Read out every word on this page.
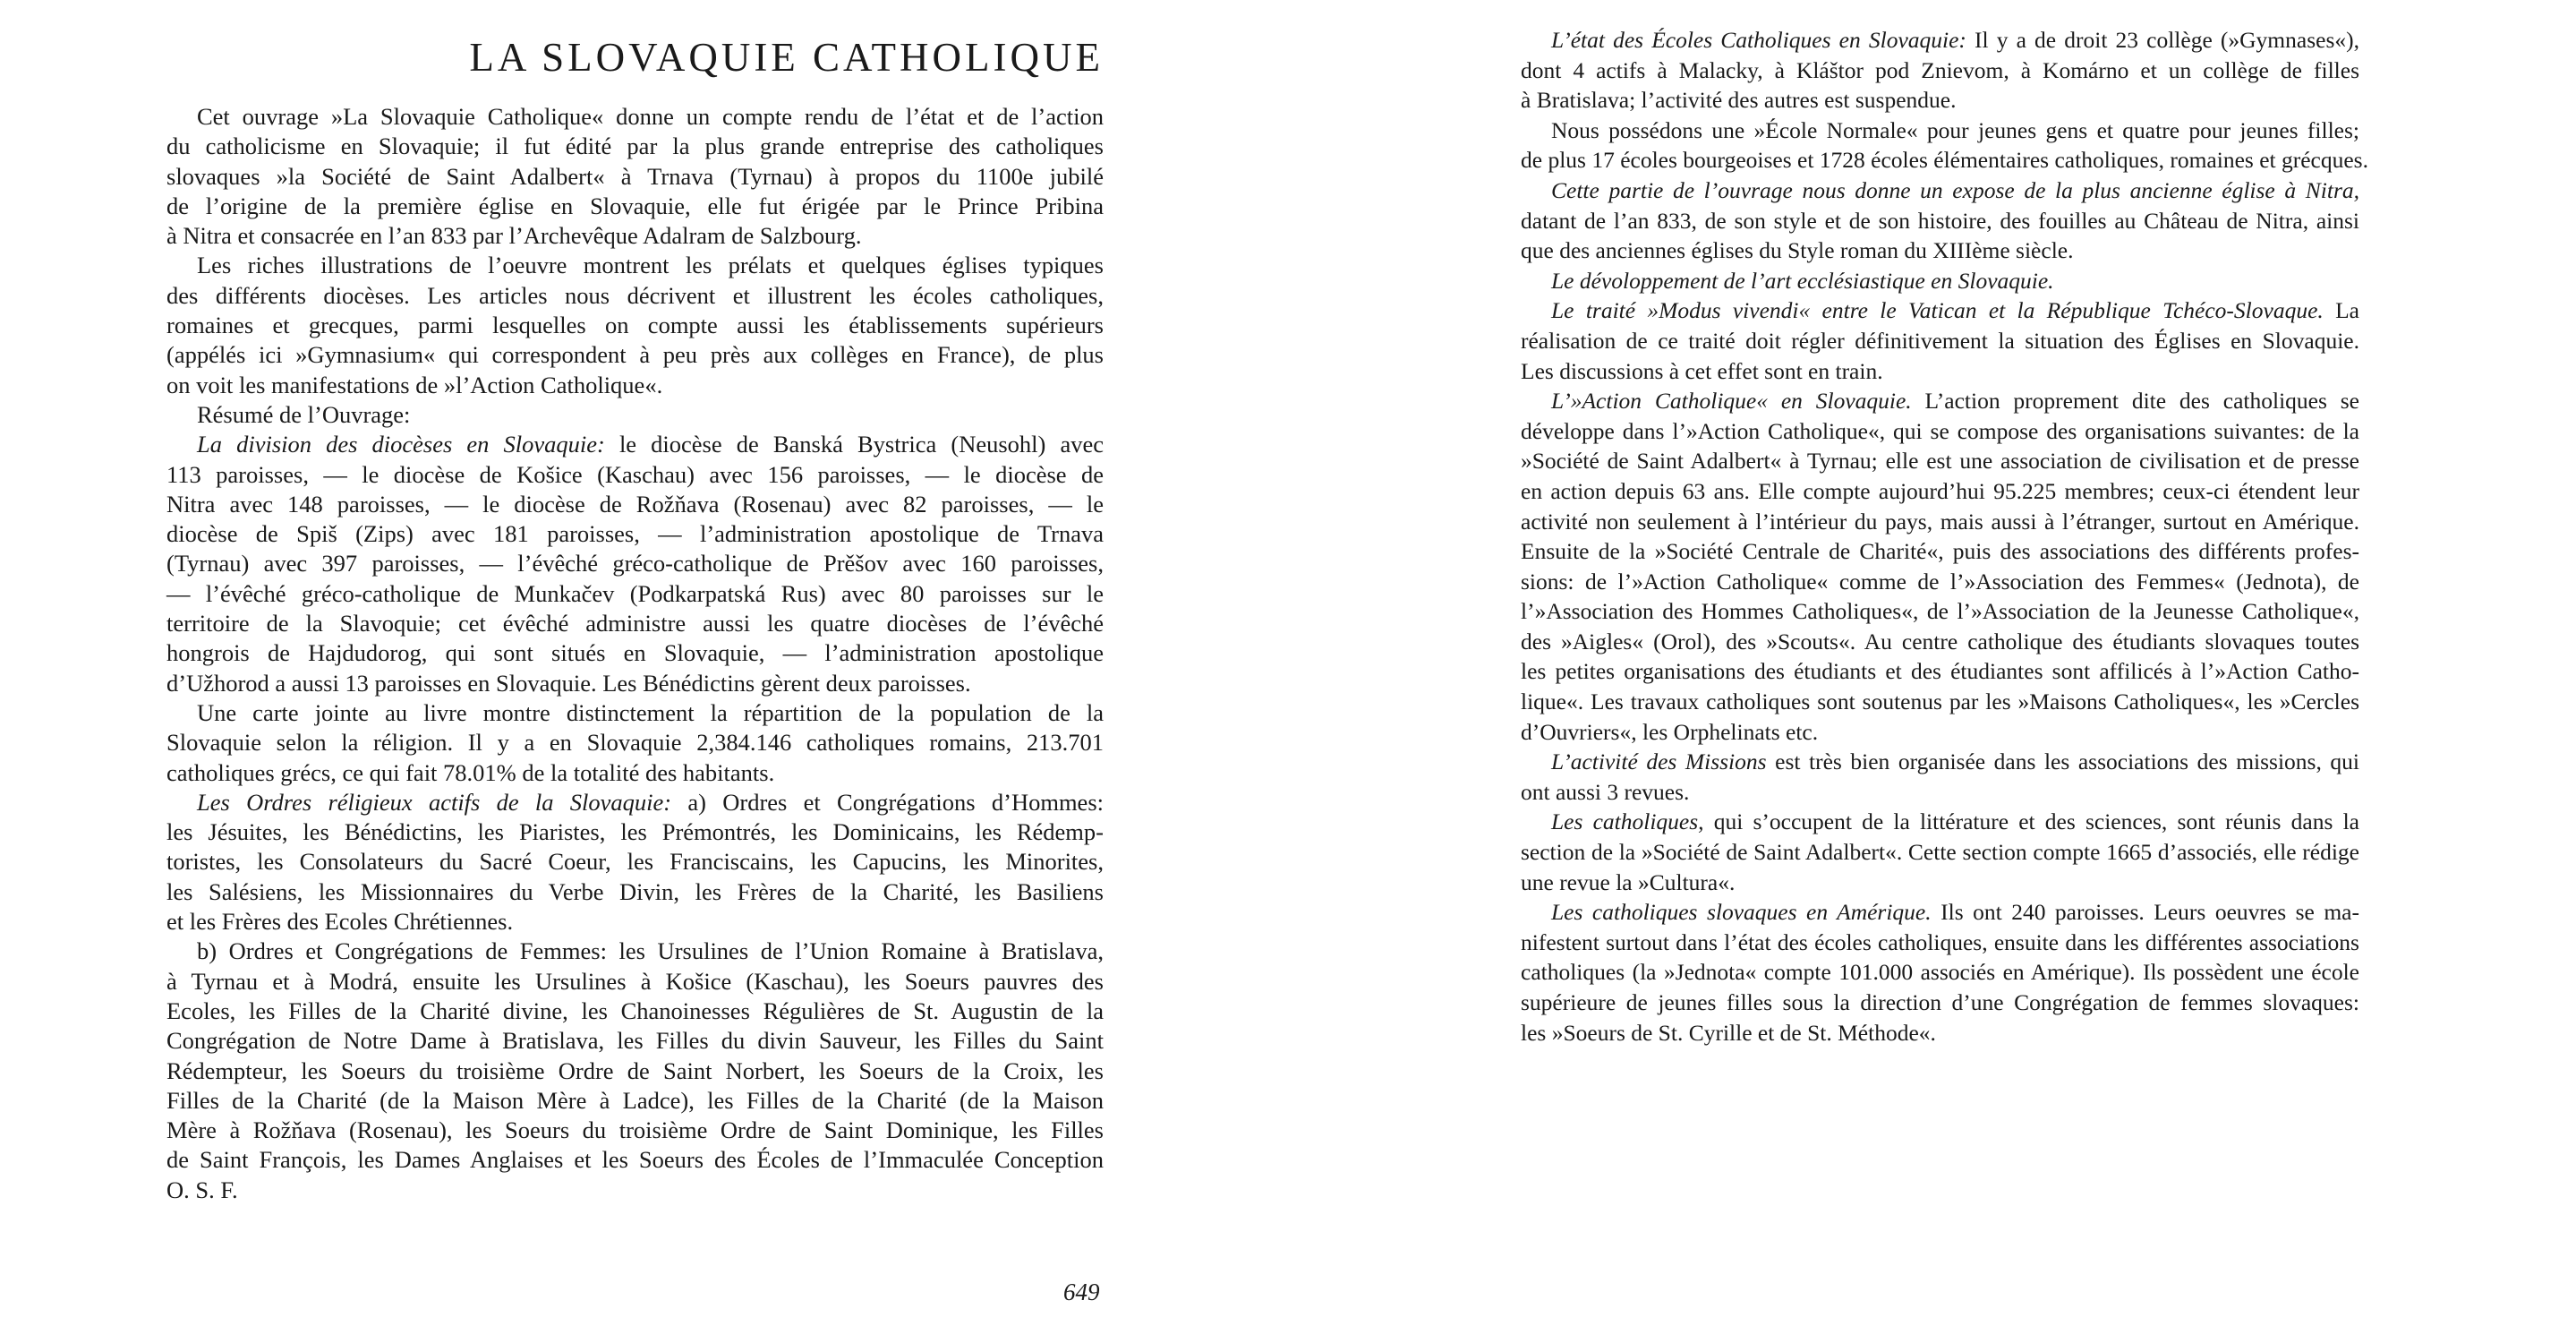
LA SLOVAQUIE CATHOLIQUE
Cet ouvrage »La Slovaquie Catholique« donne un compte rendu de l’état et de l’action
du catholicisme en Slovaquie; il fut édité par la plus grande entreprise des catholiques
slovaques »la Société de Saint Adalbert« à Trnava (Tyrnau) à propos du 1100e jubilé
de l’origine de la première église en Slovaquie, elle fut érigée par le Prince Pribina
à Nitra et consacrée en l’an 833 par l’Archevêque Adalram de Salzbourg.
Les riches illustrations de l’oeuvre montrent les prélats et quelques églises typiques
des différents diocèses. Les articles nous décrivent et illustrent les écoles catholiques,
romaines et grecques, parmi lesquelles on compte aussi les établissements supérieurs
(appélés ici »Gymnasium« qui correspondent à peu près aux collèges en France), de plus
on voit les manifestations de »l’Action Catholique«.
Résumé de l’Ouvrage:
La division des diocèses en Slovaquie: le diocèse de Banská Bystrica (Neusohl) avec
113 paroisses, — le diocèse de Košice (Kaschau) avec 156 paroisses, — le diocèse de
Nitra avec 148 paroisses, — le diocèse de Rožňava (Rosenau) avec 82 paroisses, — le
diocèse de Spiš (Zips) avec 181 paroisses, — l’administration apostolique de Trnava
(Tyrnau) avec 397 paroisses, — l’évêché gréco-catholique de Prěšov avec 160 paroisses,
— l’évêché gréco-catholique de Munkačev (Podkarpatská Rus) avec 80 paroisses sur le
territoire de la Slavoquie; cet évêché administre aussi les quatre diocèses de l’évêché
hongrois de Hajdudorog, qui sont situés en Slovaquie, — l’administration apostolique
d’Užhorod a aussi 13 paroisses en Slovaquie. Les Bénédictins gèrent deux paroisses.
Une carte jointe au livre montre distinctement la répartition de la population de la
Slovaquie selon la réligion. Il y a en Slovaquie 2,384.146 catholiques romains, 213.701
catholiques grécs, ce qui fait 78.01% de la totalité des habitants.
Les Ordres réligieux actifs de la Slovaquie: a) Ordres et Congrégations d’Hommes:
les Jésuites, les Bénédictins, les Piaristes, les Prémontrés, les Dominicains, les Rédemp-
toristes, les Consolateurs du Sacré Coeur, les Franciscains, les Capucins, les Minorites,
les Salésiens, les Missionnaires du Verbe Divin, les Frères de la Charité, les Basiliens
et les Frères des Ecoles Chrétiennes.
b) Ordres et Congrégations de Femmes: les Ursulines de l’Union Romaine à Bratislava,
à Tyrnau et à Modrá, ensuite les Ursulines à Košice (Kaschau), les Soeurs pauvres des
Ecoles, les Filles de la Charité divine, les Chanoinesses Régulières de St. Augustin de la
Congrégation de Notre Dame à Bratislava, les Filles du divin Sauveur, les Filles du Saint
Rédempteur, les Soeurs du troisième Ordre de Saint Norbert, les Soeurs de la Croix, les
Filles de la Charité (de la Maison Mère à Ladce), les Filles de la Charité (de la Maison
Mère à Rožňava (Rosenau), les Soeurs du troisième Ordre de Saint Dominique, les Filles
de Saint François, les Dames Anglaises et les Soeurs des Écoles de l’Immaculée Conception
O. S. F.
649
L’état des Écoles Catholiques en Slovaquie: Il y a de droit 23 collège (»Gymnases«),
dont 4 actifs à Malacky, à Kláštor pod Znievom, à Komárno et un collège de filles
à Bratislava; l’activité des autres est suspendue.
Nous possédons une »École Normale« pour jeunes gens et quatre pour jeunes filles;
de plus 17 écoles bourgeoises et 1728 écoles élémentaires catholiques, romaines et grécques.
Cette partie de l’ouvrage nous donne un expose de la plus ancienne église à Nitra,
datant de l’an 833, de son style et de son histoire, des fouilles au Château de Nitra, ainsi
que des anciennes églises du Style roman du XIIIème siècle.
Le dévoloppement de l’art ecclésiastique en Slovaquie.
Le traité »Modus vivendi« entre le Vatican et la République Tchéco-Slovaque. La
réalisation de ce traité doit régler définitivement la situation des Églises en Slovaquie.
Les discussions à cet effet sont en train.
L’»Action Catholique« en Slovaquie. L’action proprement dite des catholiques se
développe dans l’»Action Catholique«, qui se compose des organisations suivantes: de la
»Société de Saint Adalbert« à Tyrnau; elle est une association de civilisation et de presse
en action depuis 63 ans. Elle compte aujourd’hui 95.225 membres; ceux-ci étendent leur
activité non seulement à l’intérieur du pays, mais aussi à l’étranger, surtout en Amérique.
Ensuite de la »Société Centrale de Charité«, puis des associations des différents profes-
sions: de l’»Action Catholique« comme de l’»Association des Femmes« (Jednota), de
l’»Association des Hommes Catholiques«, de l’»Association de la Jeunesse Catholique«,
des »Aigles« (Orol), des »Scouts«. Au centre catholique des étudiants slovaques toutes
les petites organisations des étudiants et des étudiantes sont affilicés à l’»Action Catho-
lique«. Les travaux catholiques sont soutenus par les »Maisons Catholiques«, les »Cercles
d’Ouvriers«, les Orphelinats etc.
L’activité des Missions est très bien organisée dans les associations des missions, qui
ont aussi 3 revues.
Les catholiques, qui s’occupent de la littérature et des sciences, sont réunis dans la
section de la »Société de Saint Adalbert«. Cette section compte 1665 d’associés, elle rédige
une revue la »Cultura«.
Les catholiques slovaques en Amérique. Ils ont 240 paroisses. Leurs oeuvres se ma-
nifestent surtout dans l’état des écoles catholiques, ensuite dans les différentes associations
catholiques (la »Jednota« compte 101.000 associés en Amérique). Ils possèdent une école
supérieure de jeunes filles sous la direction d’une Congrégation de femmes slovaques:
les »Soeurs de St. Cyrille et de St. Méthode«.
